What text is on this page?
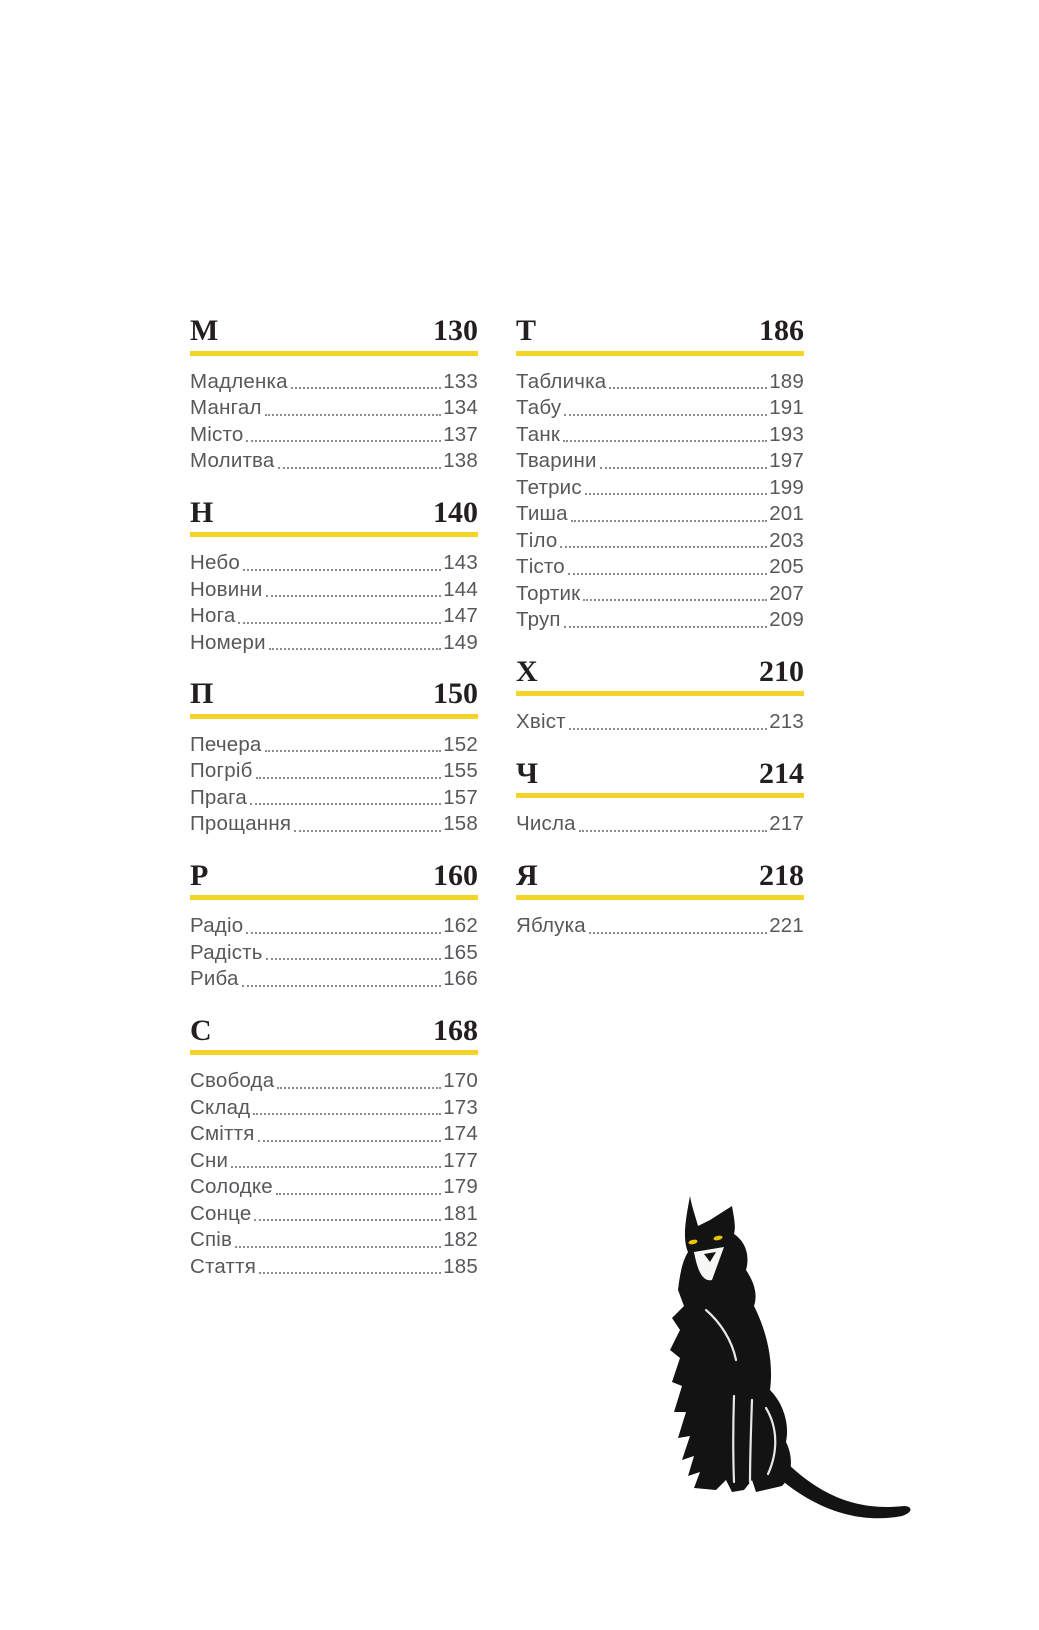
М	130
Мадленка	133
Мангал	134
Місто	137
Молитва	138
Н	140
Небо	143
Новини	144
Нога	147
Номери	149
П	150
Печера	152
Погріб	155
Прага	157
Прощання	158
Р	160
Радіо	162
Радість	165
Риба	166
С	168
Свобода	170
Склад	173
Сміття	174
Сни	177
Солодке	179
Сонце	181
Спів	182
Стаття	185
Т	186
Табличка	189
Табу	191
Танк	193
Тварини	197
Тетрис	199
Тиша	201
Тіло	203
Тісто	205
Тортик	207
Труп	209
Х	210
Хвіст	213
Ч	214
Числа	217
Я	218
Яблука	221
